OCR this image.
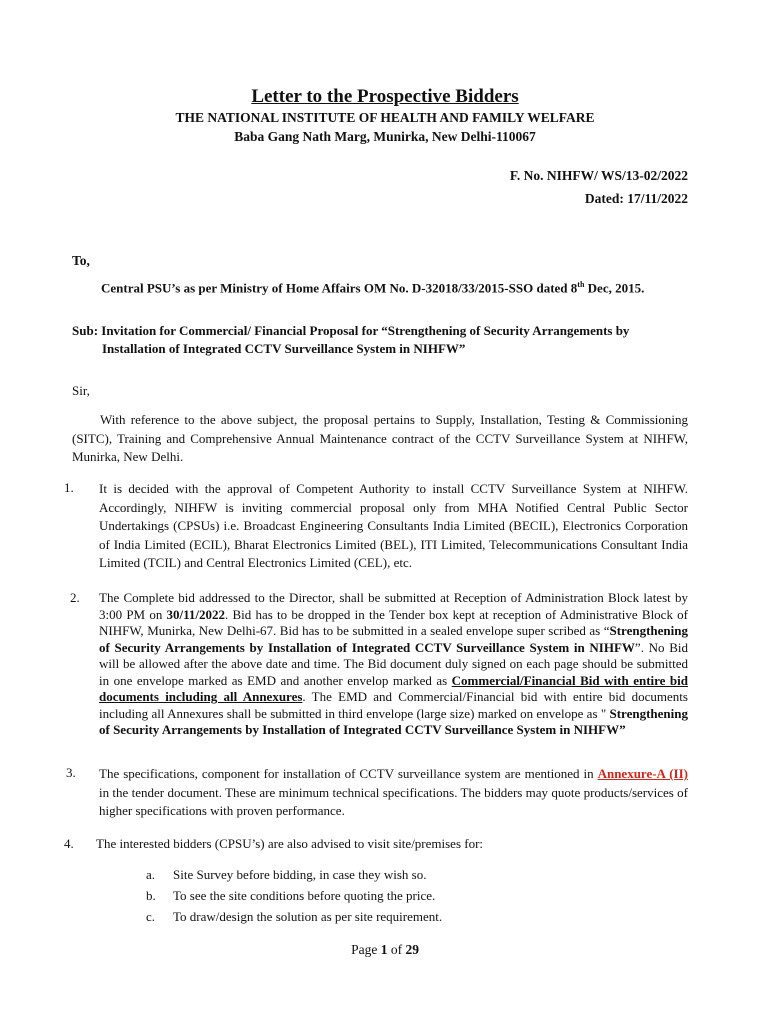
Letter to the Prospective Bidders
THE NATIONAL INSTITUTE OF HEALTH AND FAMILY WELFARE
Baba Gang Nath Marg, Munirka, New Delhi-110067
F. No. NIHFW/ WS/13-02/2022
Dated: 17/11/2022
To,
Central PSU’s as per Ministry of Home Affairs OM No. D-32018/33/2015-SSO dated 8th Dec, 2015.
Sub: Invitation for Commercial/ Financial Proposal for “Strengthening of Security Arrangements by
Installation of Integrated CCTV Surveillance System in NIHFW”
Sir,
With reference to the above subject, the proposal pertains to Supply, Installation, Testing & Commissioning (SITC), Training and Comprehensive Annual Maintenance contract of the CCTV Surveillance System at NIHFW, Munirka, New Delhi.
1. It is decided with the approval of Competent Authority to install CCTV Surveillance System at NIHFW. Accordingly, NIHFW is inviting commercial proposal only from MHA Notified Central Public Sector Undertakings (CPSUs) i.e. Broadcast Engineering Consultants India Limited (BECIL), Electronics Corporation of India Limited (ECIL), Bharat Electronics Limited (BEL), ITI Limited, Telecommunications Consultant India Limited (TCIL) and Central Electronics Limited (CEL), etc.
2. The Complete bid addressed to the Director, shall be submitted at Reception of Administration Block latest by 3:00 PM on 30/11/2022. Bid has to be dropped in the Tender box kept at reception of Administrative Block of NIHFW, Munirka, New Delhi-67. Bid has to be submitted in a sealed envelope super scribed as “Strengthening of Security Arrangements by Installation of Integrated CCTV Surveillance System in NIHFW”. No Bid will be allowed after the above date and time. The Bid document duly signed on each page should be submitted in one envelope marked as EMD and another envelop marked as Commercial/Financial Bid with entire bid documents including all Annexures. The EMD and Commercial/Financial bid with entire bid documents including all Annexures shall be submitted in third envelope (large size) marked on envelope as " Strengthening of Security Arrangements by Installation of Integrated CCTV Surveillance System in NIHFW”
3. The specifications, component for installation of CCTV surveillance system are mentioned in Annexure-A (II) in the tender document. These are minimum technical specifications. The bidders may quote products/services of higher specifications with proven performance.
4. The interested bidders (CPSU’s) are also advised to visit site/premises for:
a.	Site Survey before bidding, in case they wish so.
b.	To see the site conditions before quoting the price.
c.	To draw/design the solution as per site requirement.
Page 1 of 29
